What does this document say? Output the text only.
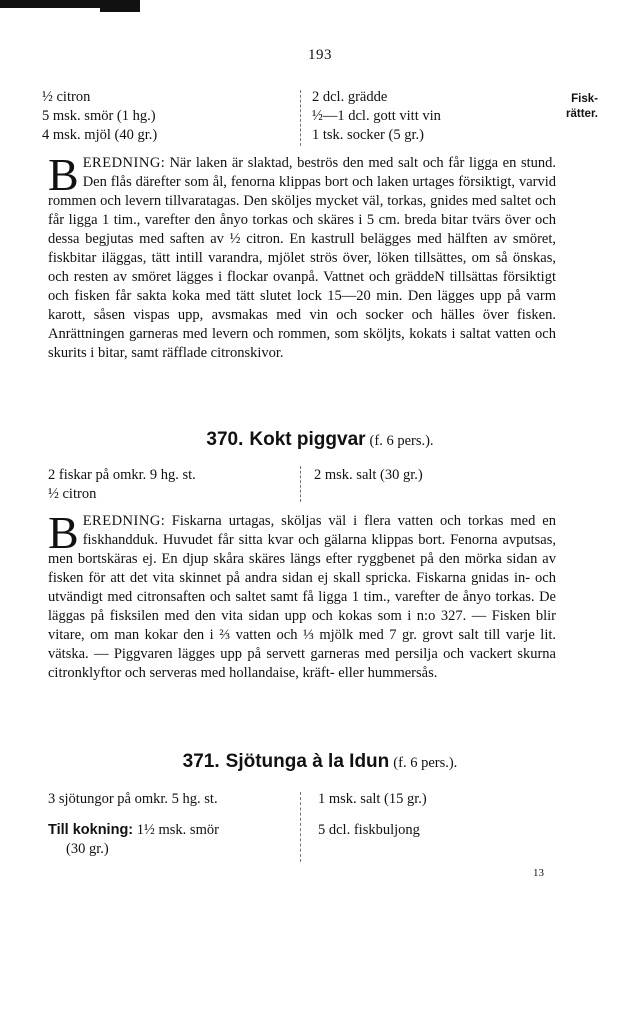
193
Fisk-
rätter.
½ citron
5 msk. smör (1 hg.)
4 msk. mjöl (40 gr.)
2 dcl. grädde
½—1 dcl. gott vitt vin
1 tsk. socker (5 gr.)
BEREDNING: När laken är slaktad, beströs den med salt och får ligga en stund. Den flås därefter som ål, fenorna klippas bort och laken urtages försiktigt, varvid rommen och levern tillvaratagas. Den sköljes mycket väl, torkas, gnides med saltet och får ligga 1 tim., varefter den ånyo torkas och skäres i 5 cm. breda bitar tvärs över och dessa begjutas med saften av ½ citron. En kastrull belägges med hälften av smöret, fiskbitar iläggas, tätt intill varandra, mjölet strös över, löken tillsättes, om så önskas, och resten av smöret lägges i flockar ovanpå. Vattnet och gräddeN tillsättas försiktigt och fisken får sakta koka med tätt slutet lock 15—20 min. Den lägges upp på varm karott, såsen vispas upp, avsmakas med vin och socker och hälles över fisken. Anrättningen garneras med levern och rommen, som sköljts, kokats i saltat vatten och skurits i bitar, samt räfflade citronskivor.
370. Kokt piggvar (f. 6 pers.).
2 fiskar på omkr. 9 hg. st.
½ citron
2 msk. salt (30 gr.)
BEREDNING: Fiskarna urtagas, sköljas väl i flera vatten och torkas med en fiskhandduk. Huvudet får sitta kvar och gälarna klippas bort. Fenorna avputsas, men bortskäras ej. En djup skåra skäres längs efter ryggbenet på den mörka sidan av fisken för att det vita skinnet på andra sidan ej skall spricka. Fiskarna gnidas in- och utvändigt med citronsaften och saltet samt få ligga 1 tim., varefter de ånyo torkas. De läggas på fisksilen med den vita sidan upp och kokas som i n:o 327. — Fisken blir vitare, om man kokar den i ⅔ vatten och ⅓ mjölk med 7 gr. grovt salt till varje lit. vätska. — Piggvaren lägges upp på servett garneras med persilja och vackert skurna citronklyftor och serveras med hollandaise, kräft- eller hummersås.
371. Sjötunga à la Idun (f. 6 pers.).
3 sjötungor på omkr. 5 hg. st.
Till kokning: 1½ msk. smör
(30 gr.)
1 msk. salt (15 gr.)
5 dcl. fiskbuljong
13
